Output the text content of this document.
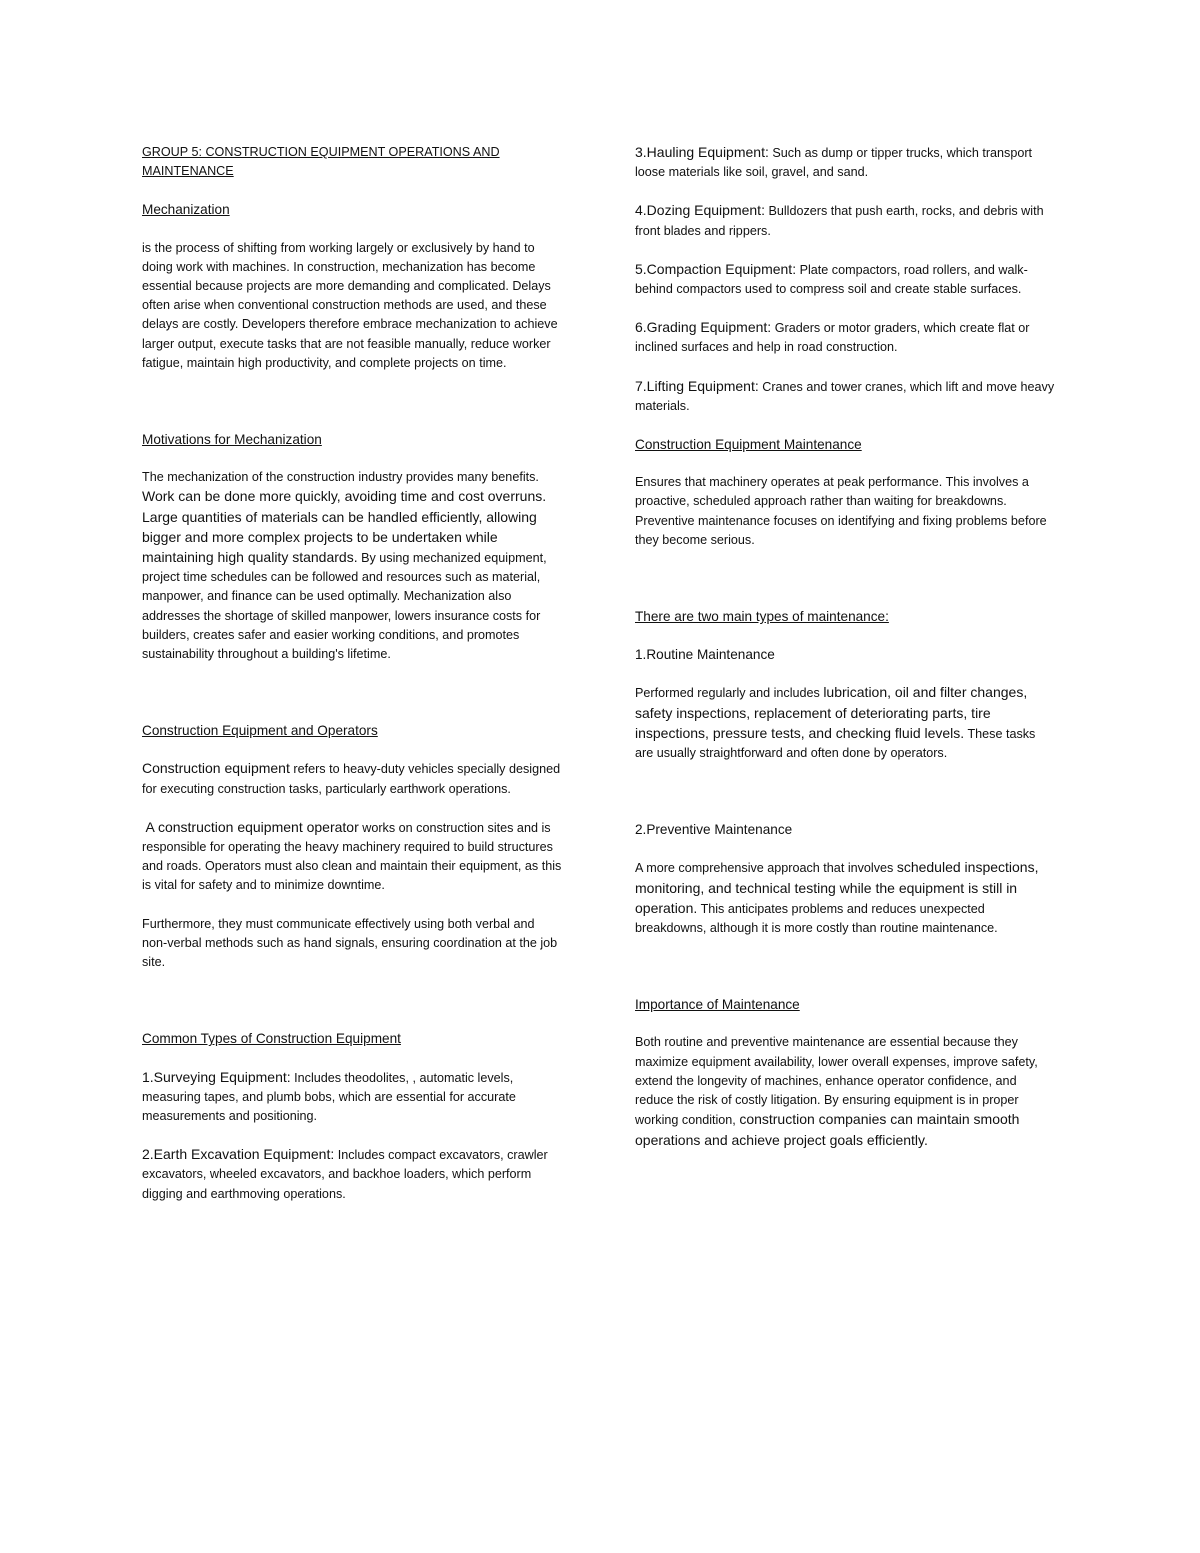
GROUP 5: CONSTRUCTION EQUIPMENT OPERATIONS AND MAINTENANCE
Mechanization

is the process of shifting from working largely or exclusively by hand to doing work with machines. In construction, mechanization has become essential because projects are more demanding and complicated. Delays often arise when conventional construction methods are used, and these delays are costly. Developers therefore embrace mechanization to achieve larger output, execute tasks that are not feasible manually, reduce worker fatigue, maintain high productivity, and complete projects on time.

Motivations for Mechanization

The mechanization of the construction industry provides many benefits. Work can be done more quickly, avoiding time and cost overruns. Large quantities of materials can be handled efficiently, allowing bigger and more complex projects to be undertaken while maintaining high quality standards. By using mechanized equipment, project time schedules can be followed and resources such as material, manpower, and finance can be used optimally. Mechanization also addresses the shortage of skilled manpower, lowers insurance costs for builders, creates safer and easier working conditions, and promotes sustainability throughout a building's lifetime.

Construction Equipment and Operators

Construction equipment refers to heavy-duty vehicles specially designed for executing construction tasks, particularly earthwork operations.

A construction equipment operator works on construction sites and is responsible for operating the heavy machinery required to build structures and roads. Operators must also clean and maintain their equipment, as this is vital for safety and to minimize downtime.

Furthermore, they must communicate effectively using both verbal and non-verbal methods such as hand signals, ensuring coordination at the job site.

Common Types of Construction Equipment

1.Surveying Equipment: Includes theodolites, , automatic levels, measuring tapes, and plumb bobs, which are essential for accurate measurements and positioning.

2.Earth Excavation Equipment: Includes compact excavators, crawler excavators, wheeled excavators, and backhoe loaders, which perform digging and earthmoving operations.

3.Hauling Equipment: Such as dump or tipper trucks, which transport loose materials like soil, gravel, and sand.

4.Dozing Equipment: Bulldozers that push earth, rocks, and debris with front blades and rippers.

5.Compaction Equipment: Plate compactors, road rollers, and walk-behind compactors used to compress soil and create stable surfaces.

6.Grading Equipment: Graders or motor graders, which create flat or inclined surfaces and help in road construction.

7.Lifting Equipment: Cranes and tower cranes, which lift and move heavy materials.

Construction Equipment Maintenance

Ensures that machinery operates at peak performance. This involves a proactive, scheduled approach rather than waiting for breakdowns. Preventive maintenance focuses on identifying and fixing problems before they become serious.

There are two main types of maintenance:
1.Routine Maintenance

Performed regularly and includes lubrication, oil and filter changes, safety inspections, replacement of deteriorating parts, tire inspections, pressure tests, and checking fluid levels. These tasks are usually straightforward and often done by operators.

2.Preventive Maintenance

A more comprehensive approach that involves scheduled inspections, monitoring, and technical testing while the equipment is still in operation. This anticipates problems and reduces unexpected breakdowns, although it is more costly than routine maintenance.

Importance of Maintenance

Both routine and preventive maintenance are essential because they maximize equipment availability, lower overall expenses, improve safety, extend the longevity of machines, enhance operator confidence, and reduce the risk of costly litigation. By ensuring equipment is in proper working condition, construction companies can maintain smooth operations and achieve project goals efficiently.
